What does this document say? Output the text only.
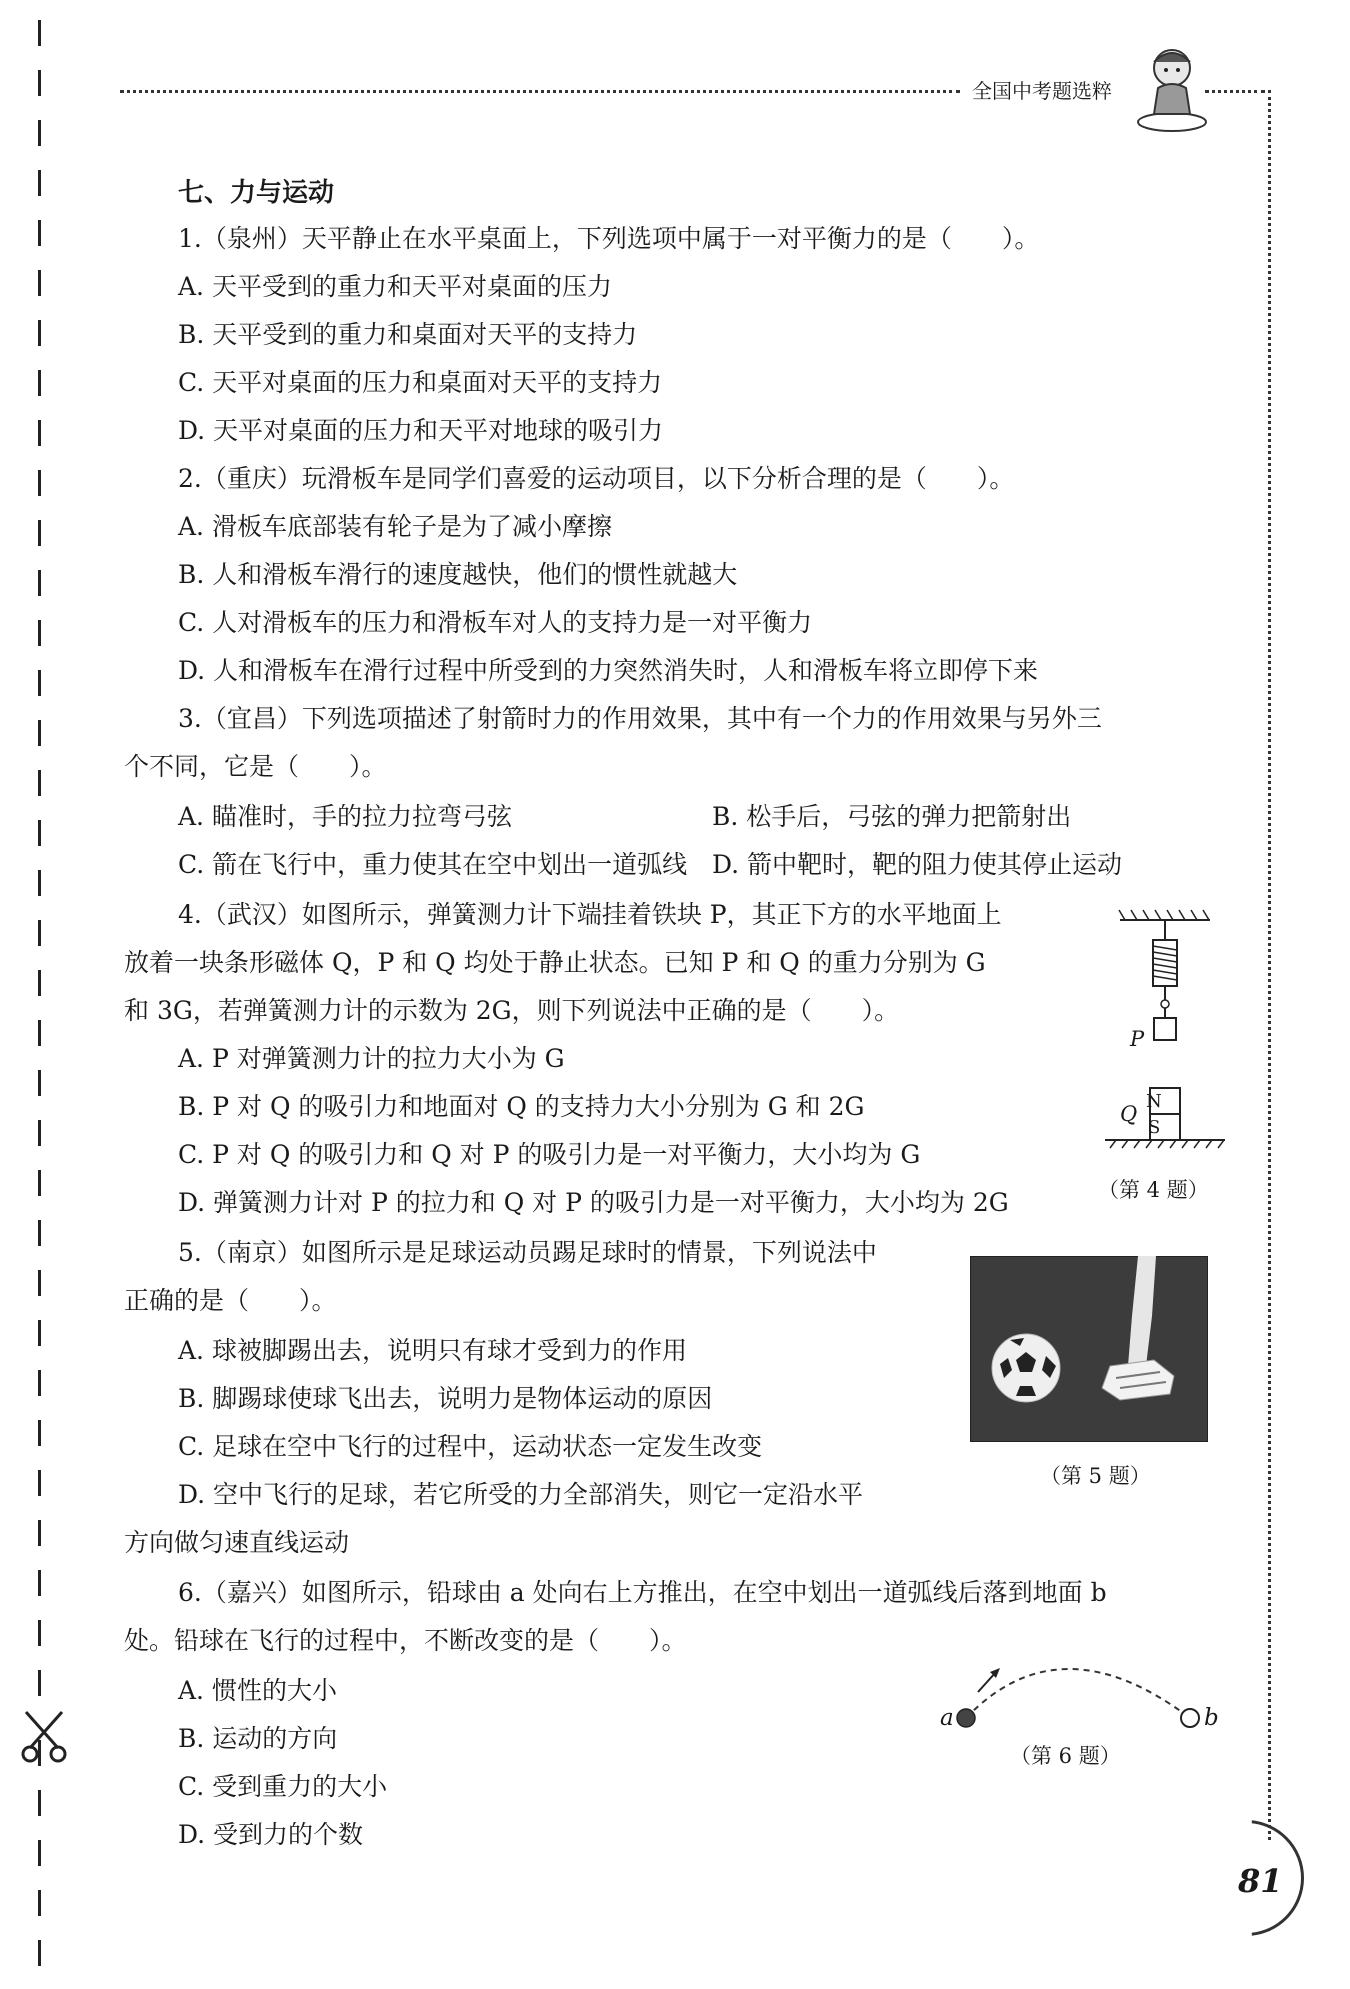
全国中考题选粹
七、力与运动
1.（泉州）天平静止在水平桌面上，下列选项中属于一对平衡力的是（　　）。
A. 天平受到的重力和天平对桌面的压力
B. 天平受到的重力和桌面对天平的支持力
C. 天平对桌面的压力和桌面对天平的支持力
D. 天平对桌面的压力和天平对地球的吸引力
2.（重庆）玩滑板车是同学们喜爱的运动项目，以下分析合理的是（　　）。
A. 滑板车底部装有轮子是为了减小摩擦
B. 人和滑板车滑行的速度越快，他们的惯性就越大
C. 人对滑板车的压力和滑板车对人的支持力是一对平衡力
D. 人和滑板车在滑行过程中所受到的力突然消失时，人和滑板车将立即停下来
3.（宜昌）下列选项描述了射箭时力的作用效果，其中有一个力的作用效果与另外三
个不同，它是（　　）。
A. 瞄准时，手的拉力拉弯弓弦	B. 松手后，弓弦的弹力把箭射出
C. 箭在飞行中，重力使其在空中划出一道弧线 D. 箭中靶时，靶的阻力使其停止运动
4.（武汉）如图所示，弹簧测力计下端挂着铁块 P，其正下方的水平地面上
放着一块条形磁体 Q，P 和 Q 均处于静止状态。已知 P 和 Q 的重力分别为 G
和 3G，若弹簧测力计的示数为 2G，则下列说法中正确的是（　　）。
A. P 对弹簧测力计的拉力大小为 G
B. P 对 Q 的吸引力和地面对 Q 的支持力大小分别为 G 和 2G
C. P 对 Q 的吸引力和 Q 对 P 的吸引力是一对平衡力，大小均为 G
D. 弹簧测力计对 P 的拉力和 Q 对 P 的吸引力是一对平衡力，大小均为 2G
P
Q
N
S
（第 4 题）
5.（南京）如图所示是足球运动员踢足球时的情景，下列说法中
正确的是（　　）。
A. 球被脚踢出去，说明只有球才受到力的作用
B. 脚踢球使球飞出去，说明力是物体运动的原因
C. 足球在空中飞行的过程中，运动状态一定发生改变
D. 空中飞行的足球，若它所受的力全部消失，则它一定沿水平
方向做匀速直线运动
（第 5 题）
6.（嘉兴）如图所示，铅球由 a 处向右上方推出，在空中划出一道弧线后落到地面 b
处。铅球在飞行的过程中，不断改变的是（　　）。
A. 惯性的大小
B. 运动的方向
C. 受到重力的大小
D. 受到力的个数
a	b
（第 6 题）
81
